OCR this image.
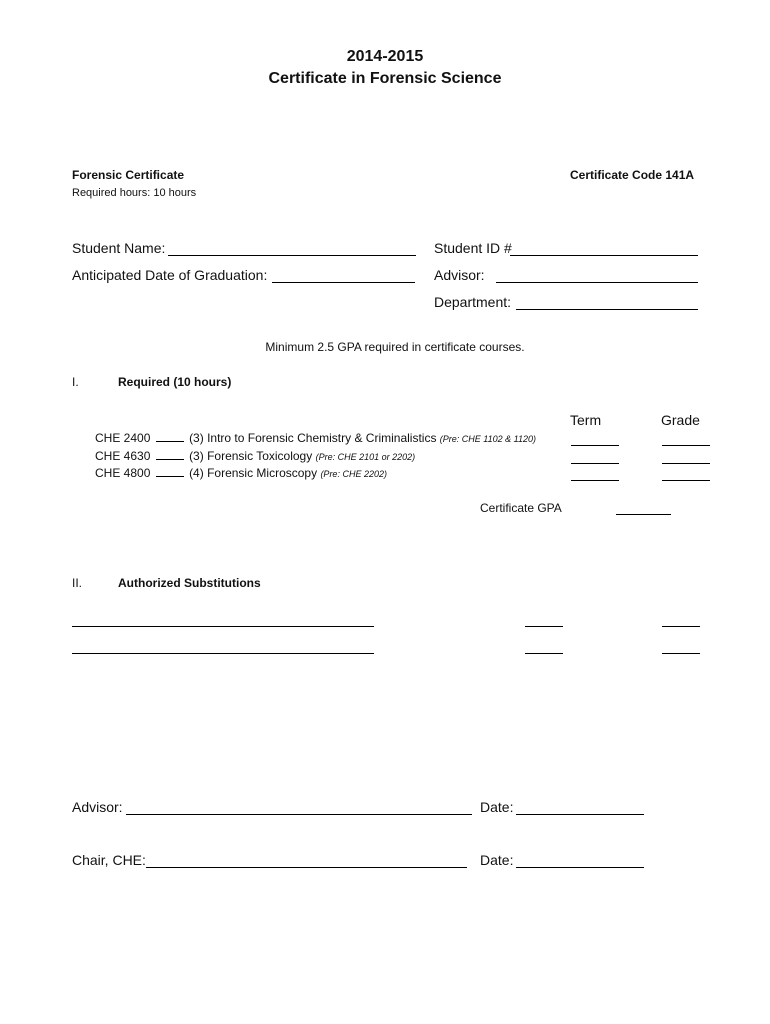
2014-2015
Certificate in Forensic Science
Forensic Certificate
Required hours: 10 hours
Certificate Code 141A
Student Name:	Student ID #
Anticipated Date of Graduation:	Advisor:
Department:
Minimum 2.5 GPA required in certificate courses.
I.	Required (10 hours)
Term	Grade
CHE 2400	(3) Intro to Forensic Chemistry & Criminalistics (Pre: CHE 1102 & 1120)
CHE 4630	(3) Forensic Toxicology (Pre: CHE 2101 or 2202)
CHE 4800	(4) Forensic Microscopy (Pre: CHE 2202)
Certificate GPA
II.	Authorized Substitutions
Advisor:	Date:
Chair, CHE:	Date:
